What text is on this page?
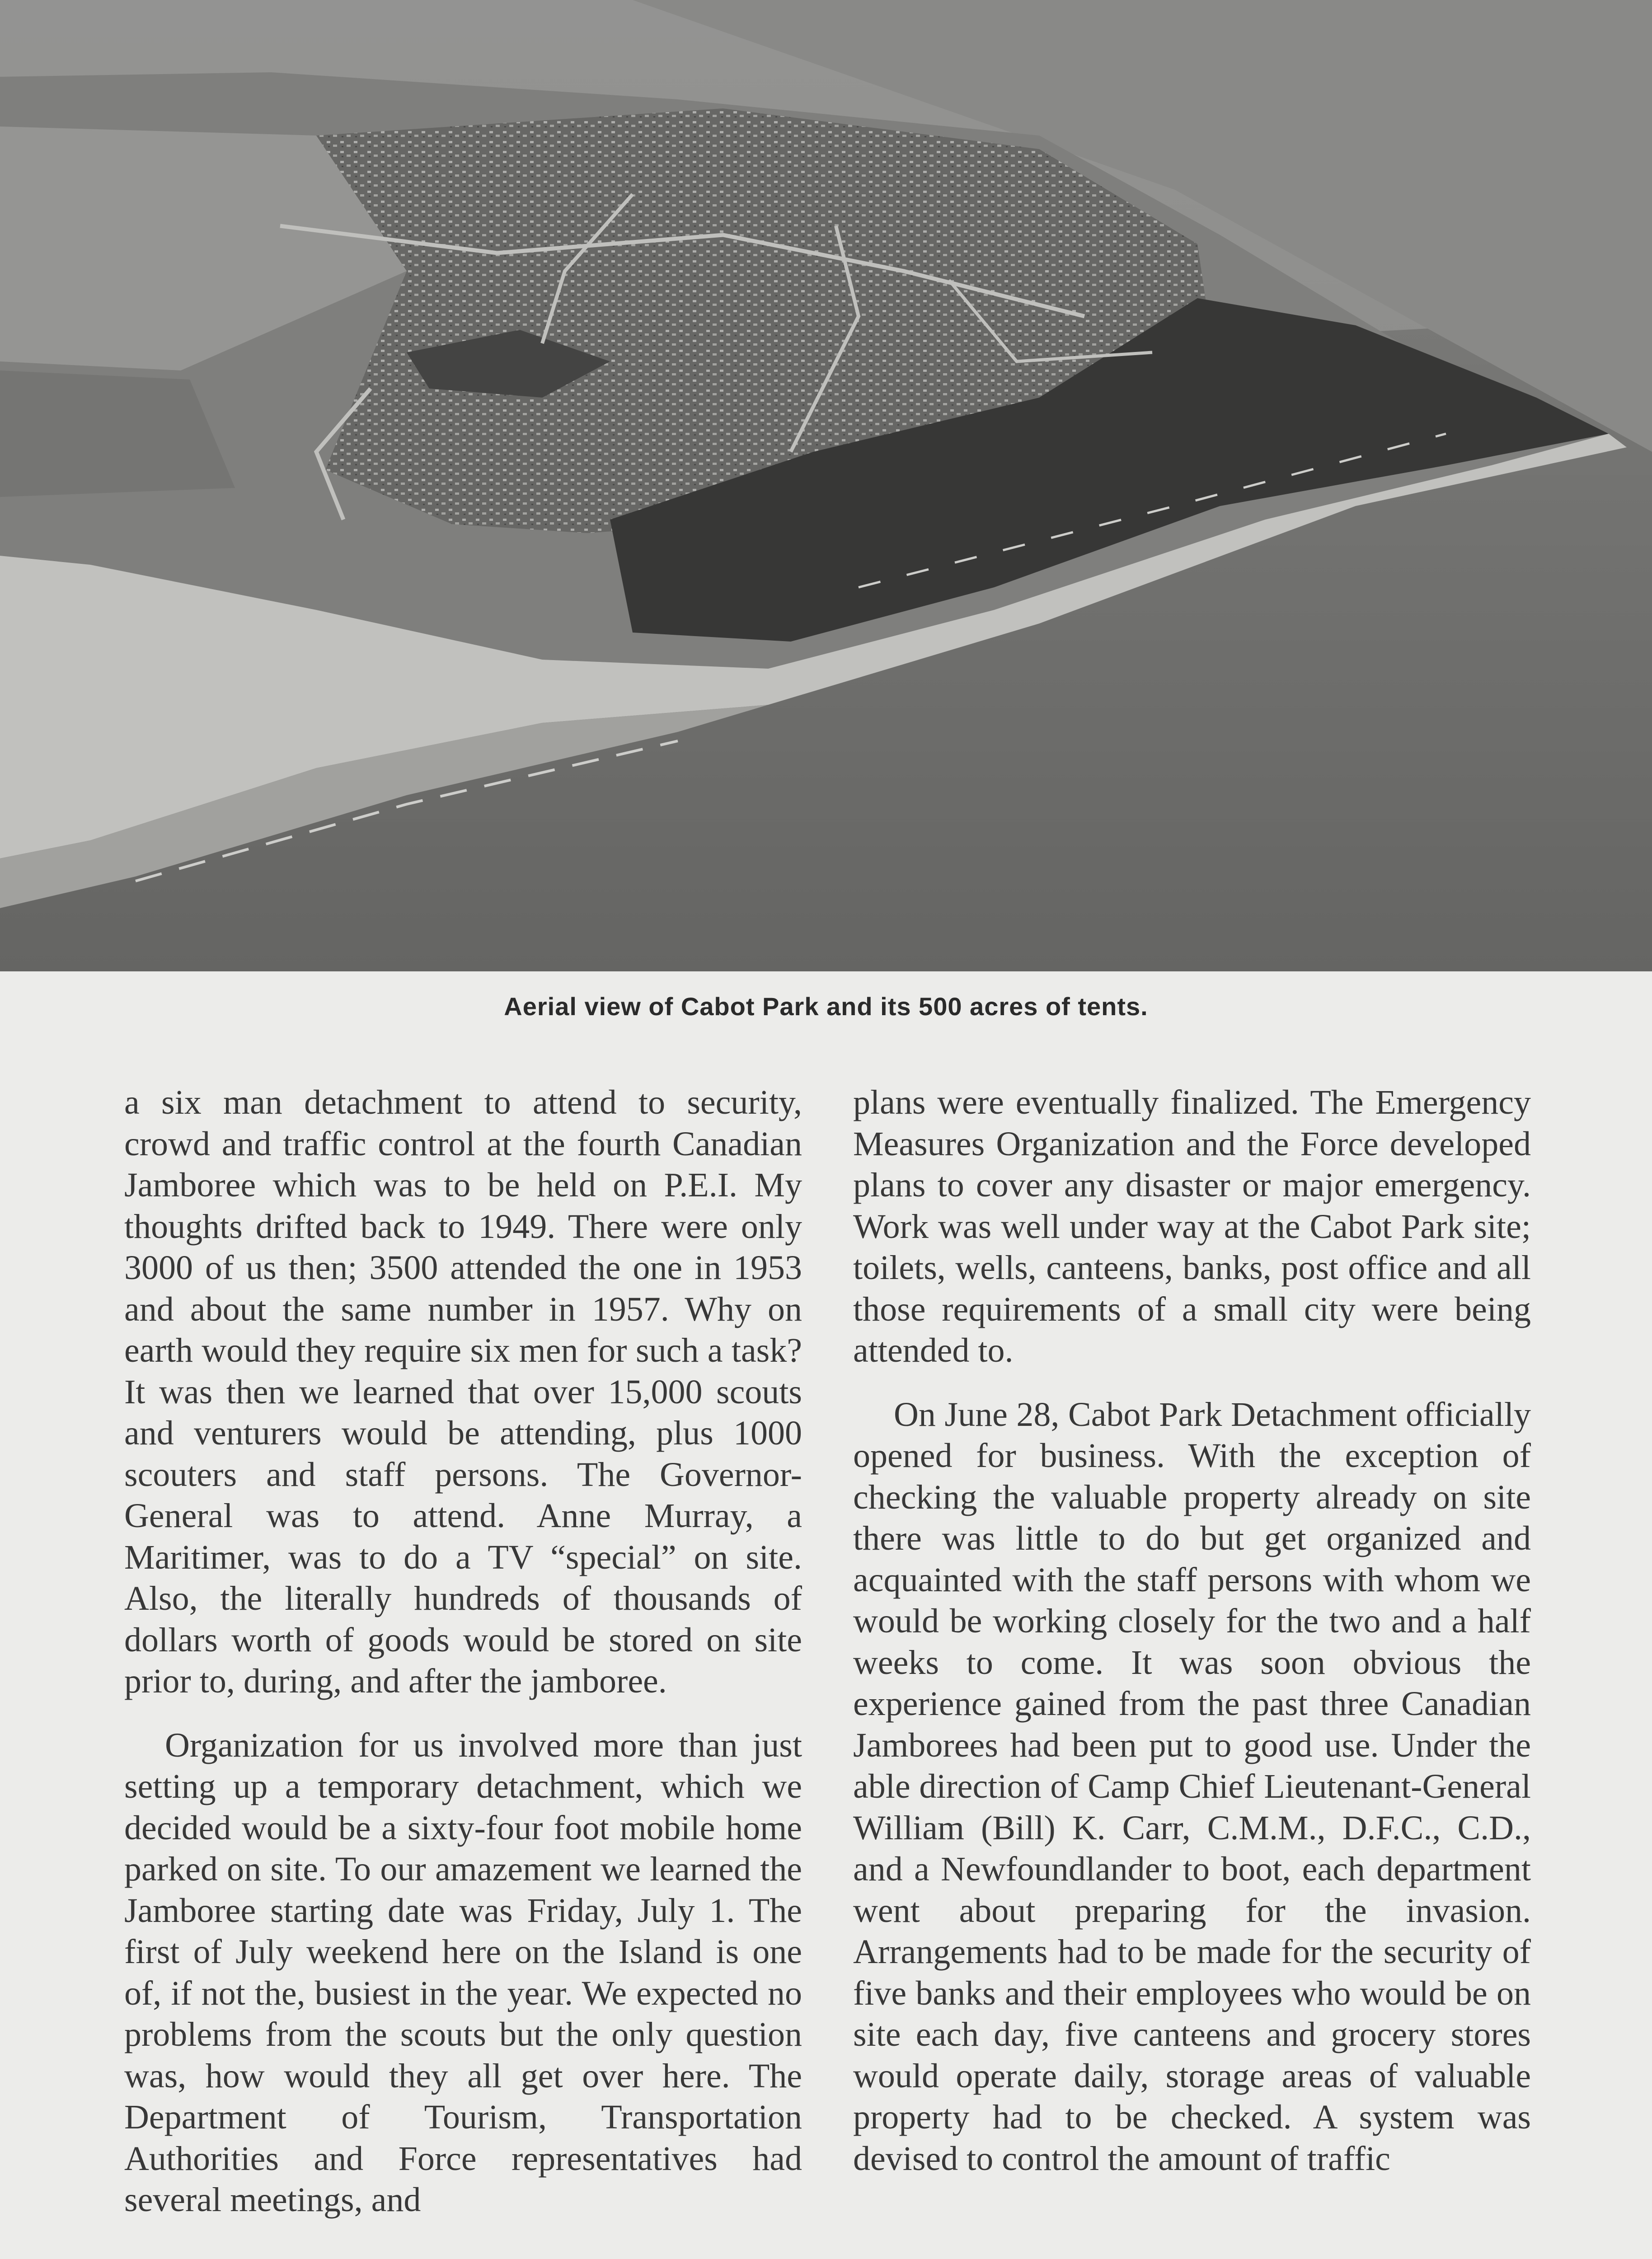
Aerial view of Cabot Park and its 500 acres of tents.

a six man detachment to attend to security, crowd and traffic control at the fourth Canadian Jamboree which was to be held on P.E.I. My thoughts drifted back to 1949. There were only 3000 of us then; 3500 attended the one in 1953 and about the same number in 1957. Why on earth would they require six men for such a task? It was then we learned that over 15,000 scouts and venturers would be attending, plus 1000 scouters and staff persons. The Governor-General was to attend. Anne Murray, a Maritimer, was to do a TV “special” on site. Also, the literally hundreds of thousands of dollars worth of goods would be stored on site prior to, during, and after the jamboree.

Organization for us involved more than just setting up a temporary detachment, which we decided would be a sixty-four foot mobile home parked on site. To our amazement we learned the Jamboree starting date was Friday, July 1. The first of July weekend here on the Island is one of, if not the, busiest in the year. We expected no problems from the scouts but the only question was, how would they all get over here. The Department of Tourism, Transportation Authorities and Force representatives had several meetings, and

plans were eventually finalized. The Emergency Measures Organization and the Force developed plans to cover any disaster or major emergency. Work was well under way at the Cabot Park site; toilets, wells, canteens, banks, post office and all those requirements of a small city were being attended to.

On June 28, Cabot Park Detachment officially opened for business. With the exception of checking the valuable property already on site there was little to do but get organized and acquainted with the staff persons with whom we would be working closely for the two and a half weeks to come. It was soon obvious the experience gained from the past three Canadian Jamborees had been put to good use. Under the able direction of Camp Chief Lieutenant-General William (Bill) K. Carr, C.M.M., D.F.C., C.D., and a Newfoundlander to boot, each department went about preparing for the invasion. Arrangements had to be made for the security of five banks and their employees who would be on site each day, five canteens and grocery stores would operate daily, storage areas of valuable property had to be checked. A system was devised to control the amount of traffic
